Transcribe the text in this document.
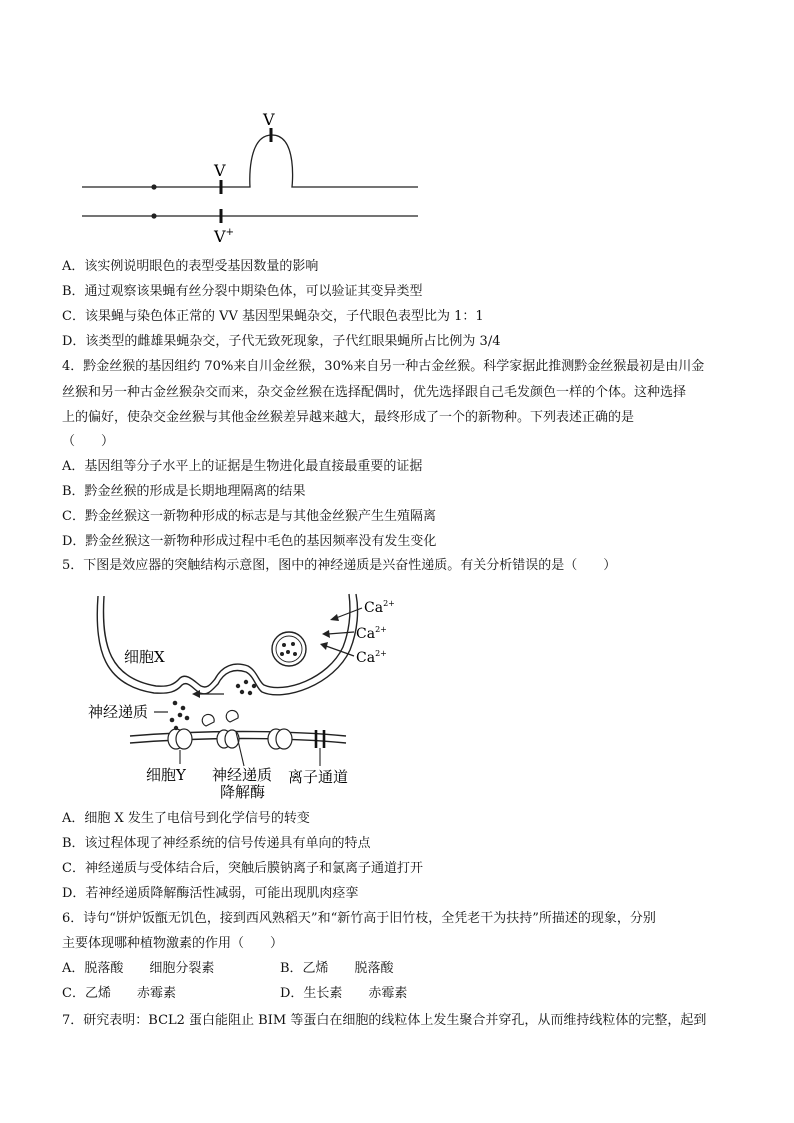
V
V
V+
A．该实例说明眼色的表型受基因数量的影响
B．通过观察该果蝇有丝分裂中期染色体，可以验证其变异类型
C．该果蝇与染色体正常的 VV 基因型果蝇杂交，子代眼色表型比为 1：1
D．该类型的雌雄果蝇杂交，子代无致死现象，子代红眼果蝇所占比例为 3/4
4．黔金丝猴的基因组约 70%来自川金丝猴，30%来自另一种古金丝猴。科学家据此推测黔金丝猴最初是由川金
丝猴和另一种古金丝猴杂交而来，杂交金丝猴在选择配偶时，优先选择跟自己毛发颜色一样的个体。这种选择
上的偏好，使杂交金丝猴与其他金丝猴差异越来越大，最终形成了一个的新物种。下列表述正确的是
（　　）
A．基因组等分子水平上的证据是生物进化最直接最重要的证据
B．黔金丝猴的形成是长期地理隔离的结果
C．黔金丝猴这一新物种形成的标志是与其他金丝猴产生生殖隔离
D．黔金丝猴这一新物种形成过程中毛色的基因频率没有发生变化
5．下图是效应器的突触结构示意图，图中的神经递质是兴奋性递质。有关分析错误的是（　　）
$Ca^{2+}$
$Ca^{2+}$
$Ca^{2+}$
细胞X
神经递质
细胞Y 神经递质
降解酶
离子通道
A．细胞 X 发生了电信号到化学信号的转变
B．该过程体现了神经系统的信号传递具有单向的特点
C．神经递质与受体结合后，突触后膜钠离子和氯离子通道打开
D．若神经递质降解酶活性减弱，可能出现肌肉痉挛
6．诗句“饼炉饭甑无饥色，接到西风熟稻天”和“新竹高于旧竹枝，全凭老干为扶持”所描述的现象，分别
主要体现哪种植物激素的作用（　　）
A．脱落酸　　细胞分裂素	B．乙烯　　脱落酸
C．乙烯　　赤霉素	D．生长素　　赤霉素
7．研究表明：BCL2 蛋白能阻止 BIM 等蛋白在细胞的线粒体上发生聚合并穿孔，从而维持线粒体的完整，起到
